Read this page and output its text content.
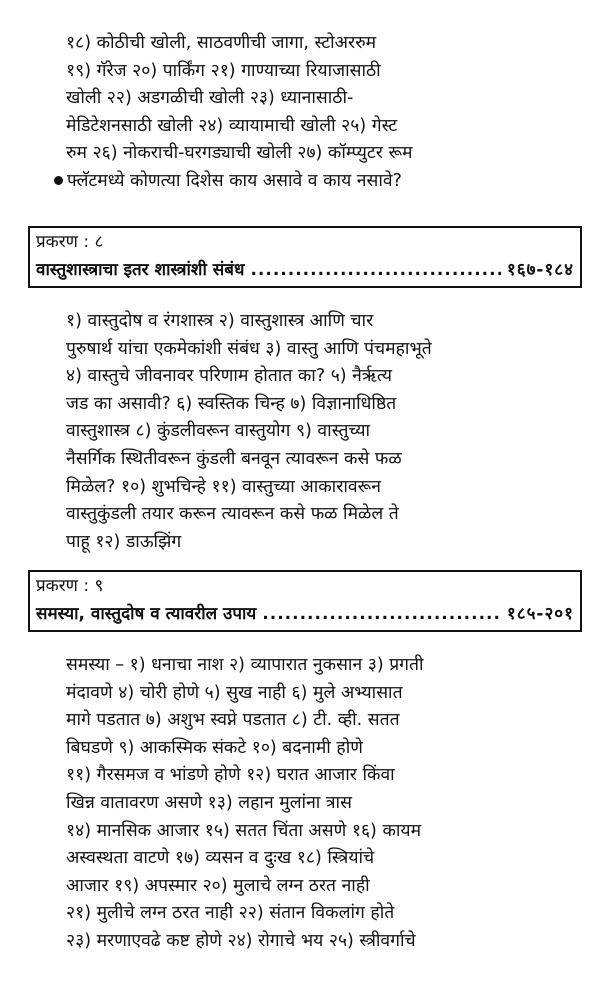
१८) कोठीची खोली, साठवणीची जागा, स्टोअररुम
१९) गॅरेज २०) पार्किंग २१) गाण्याच्या रियाजासाठी
खोली २२) अडगळीची खोली २३) ध्यानासाठी-
मेडिटेशनसाठी खोली २४) व्यायामाची खोली २५) गेस्ट
रुम २६) नोकराची-घरगड्याची खोली २७) कॉम्प्युटर रूम
फ्लॅटमध्ये कोणत्या दिशेस काय असावे व काय नसावे?

प्रकरण : ८
वास्तुशास्त्राचा इतर शास्त्रांशी संबंध .....	१६७-१८४

१) वास्तुदोष व रंगशास्त्र २) वास्तुशास्त्र आणि चार
पुरुषार्थ यांचा एकमेकांशी संबंध ३) वास्तु आणि पंचमहाभूते
४) वास्तुचे जीवनावर परिणाम होतात का? ५) नैर्ऋत्य
जड का असावी? ६) स्वस्तिक चिन्ह ७) विज्ञानाधिष्ठित
वास्तुशास्त्र ८) कुंडलीवरून वास्तुयोग ९) वास्तुच्या
नैसर्गिक स्थितीवरून कुंडली बनवून त्यावरून कसे फळ
मिळेल? १०) शुभचिन्हे ११) वास्तुच्या आकारावरून
वास्तुकुंडली तयार करून त्यावरून कसे फळ मिळेल ते
पाहू १२) डाऊझिंग

प्रकरण : ९
समस्या, वास्तुदोष व त्यावरील उपाय .....	१८५-२०१

समस्या – १) धनाचा नाश २) व्यापारात नुकसान ३) प्रगती
मंदावणे ४) चोरी होणे ५) सुख नाही ६) मुले अभ्यासात
मागे पडतात ७) अशुभ स्वप्ने पडतात ८) टी. व्ही. सतत
बिघडणे ९) आकस्मिक संकटे १०) बदनामी होणे
११) गैरसमज व भांडणे होणे १२) घरात आजार किंवा
खिन्न वातावरण असणे १३) लहान मुलांना त्रास
१४) मानसिक आजार १५) सतत चिंता असणे १६) कायम
अस्वस्थता वाटणे १७) व्यसन व दुःख १८) स्त्रियांचे
आजार १९) अपस्मार २०) मुलाचे लग्न ठरत नाही
२१) मुलीचे लग्न ठरत नाही २२) संतान विकलांग होते
२३) मरणाएवढे कष्ट होणे २४) रोगाचे भय २५) स्त्रीवर्गाचे
